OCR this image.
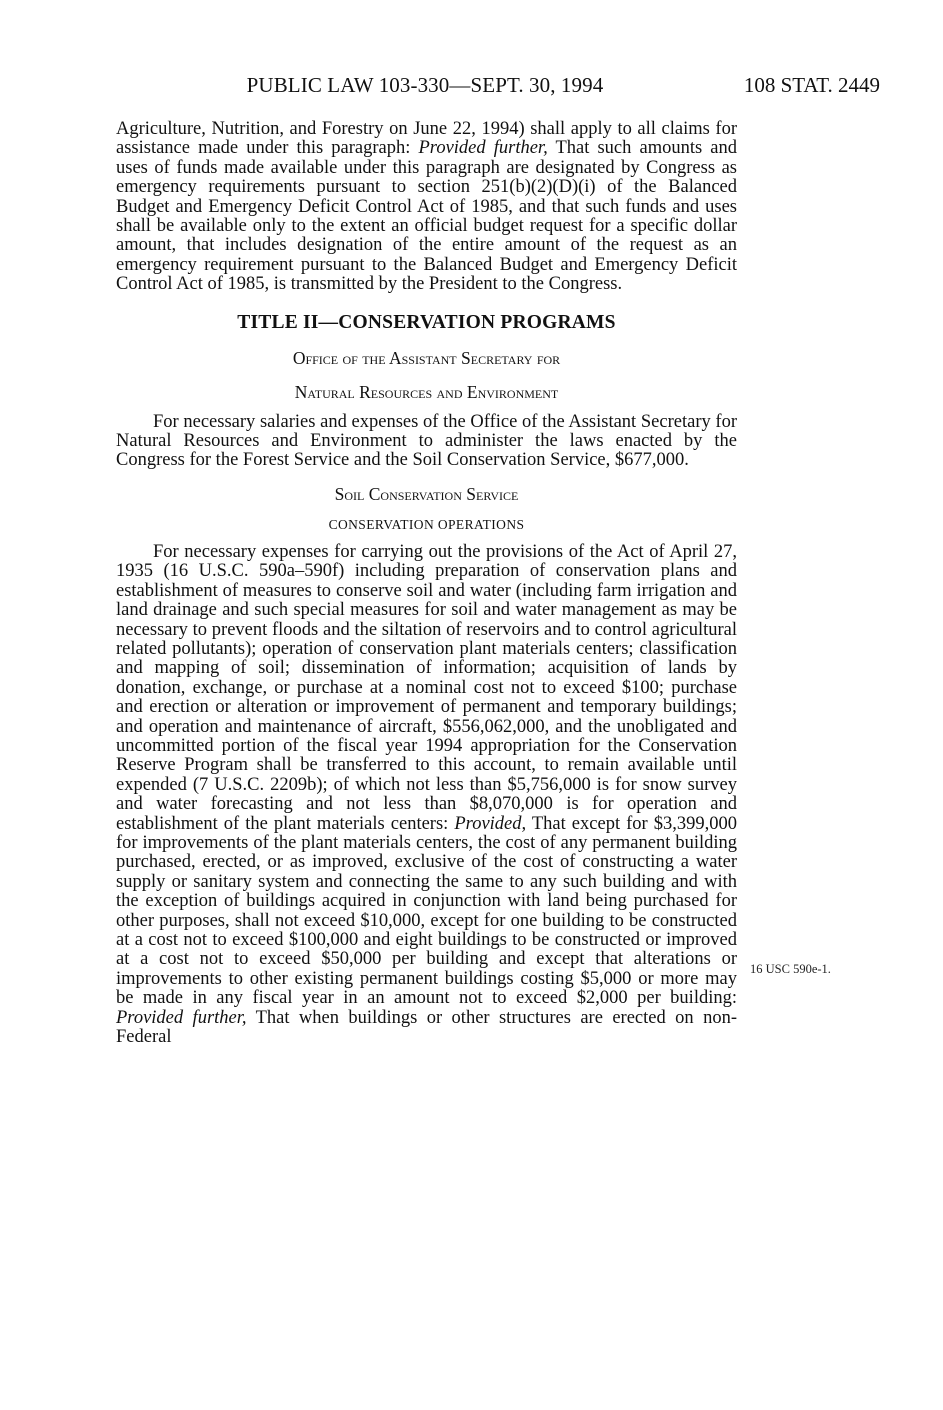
PUBLIC LAW 103-330—SEPT. 30, 1994	108 STAT. 2449

Agriculture, Nutrition, and Forestry on June 22, 1994) shall apply to all claims for assistance made under this paragraph: Provided further, That such amounts and uses of funds made available under this paragraph are designated by Congress as emergency requirements pursuant to section 251(b)(2)(D)(i) of the Balanced Budget and Emergency Deficit Control Act of 1985, and that such funds and uses shall be available only to the extent an official budget request for a specific dollar amount, that includes designation of the entire amount of the request as an emergency requirement pursuant to the Balanced Budget and Emergency Deficit Control Act of 1985, is transmitted by the President to the Congress.

TITLE II—CONSERVATION PROGRAMS
Office of the Assistant Secretary for
Natural Resources and Environment

For necessary salaries and expenses of the Office of the Assistant Secretary for Natural Resources and Environment to administer the laws enacted by the Congress for the Forest Service and the Soil Conservation Service, $677,000.

Soil Conservation Service
CONSERVATION OPERATIONS

For necessary expenses for carrying out the provisions of the Act of April 27, 1935 (16 U.S.C. 590a–590f) including preparation of conservation plans and establishment of measures to conserve soil and water (including farm irrigation and land drainage and such special measures for soil and water management as may be necessary to prevent floods and the siltation of reservoirs and to control agricultural related pollutants); operation of conservation plant materials centers; classification and mapping of soil; dissemination of information; acquisition of lands by donation, exchange, or purchase at a nominal cost not to exceed $100; purchase and erection or alteration or improvement of permanent and temporary buildings; and operation and maintenance of aircraft, $556,062,000, and the unobligated and uncommitted portion of the fiscal year 1994 appropriation for the Conservation Reserve Program shall be transferred to this account, to remain available until expended (7 U.S.C. 2209b); of which not less than $5,756,000 is for snow survey and water forecasting and not less than $8,070,000 is for operation and establishment of the plant materials centers: Provided, That except for $3,399,000 for improvements of the plant materials centers, the cost of any permanent building purchased, erected, or as improved, exclusive of the cost of constructing a water supply or sanitary system and connecting the same to any such building and with the exception of buildings acquired in conjunction with land being purchased for other purposes, shall not exceed $10,000, except for one building to be constructed at a cost not to exceed $100,000 and eight buildings to be constructed or improved at a cost not to exceed $50,000 per building and except that alterations or improvements to other existing permanent buildings costing $5,000 or more may be made in any fiscal year in an amount not to exceed $2,000 per building: Provided further, That when buildings or other structures are erected on non-Federal

16 USC 590e-1.
